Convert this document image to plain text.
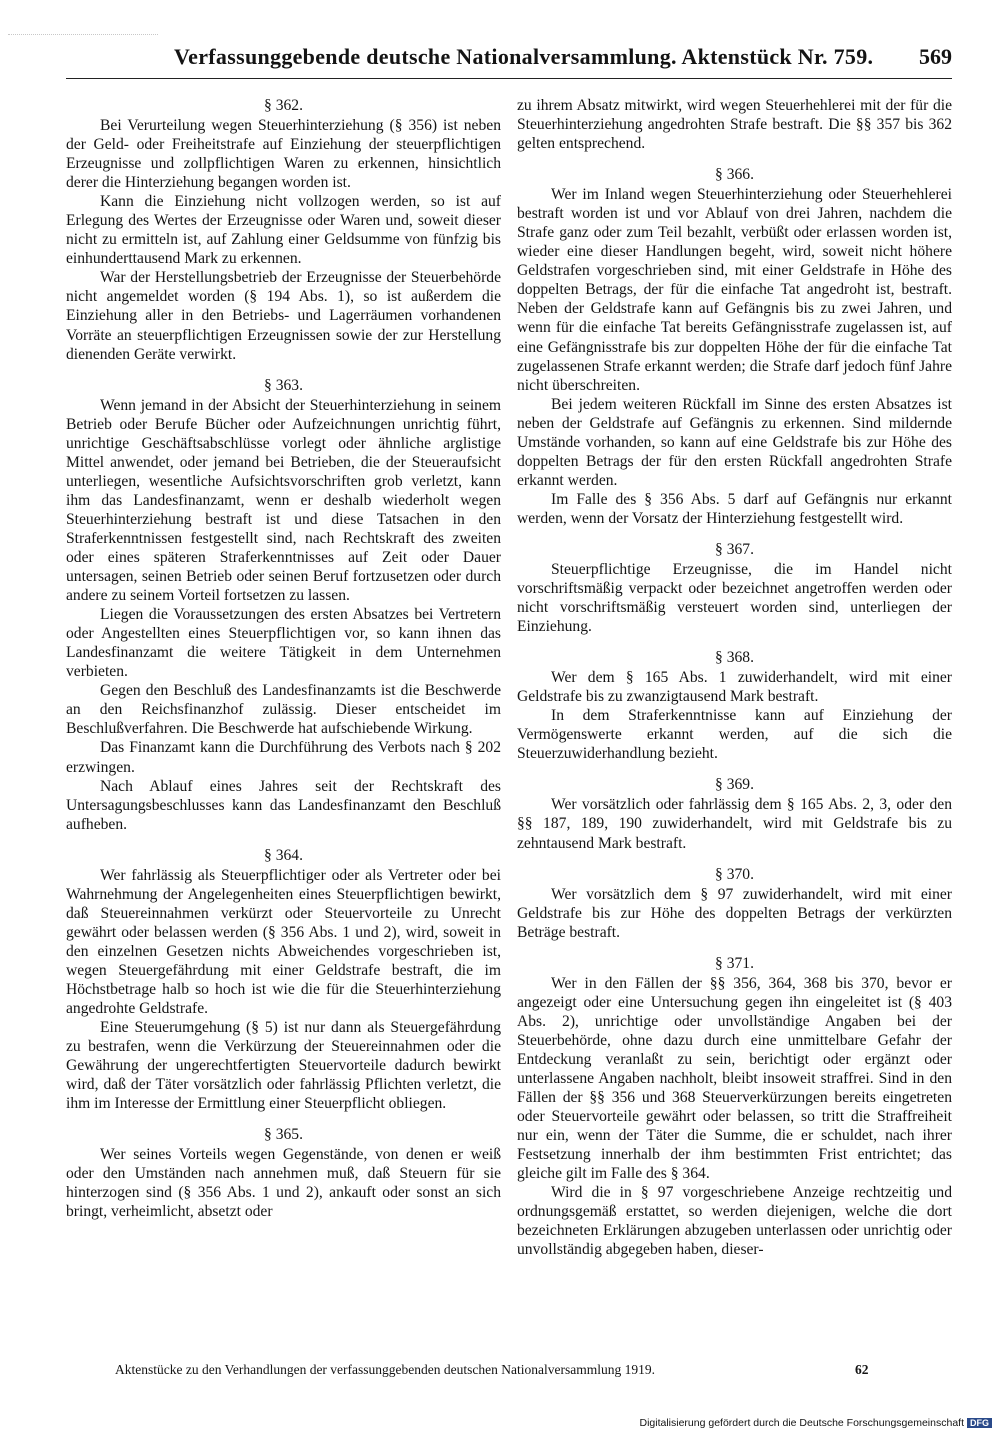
Verfassunggebende deutsche Nationalversammlung. Aktenstück Nr. 759. 569
§ 362.

Bei Verurteilung wegen Steuerhinterziehung (§ 356) ist neben der Geld- oder Freiheitstrafe auf Einziehung der steuerpflichtigen Erzeugnisse und zollpflichtigen Waren zu erkennen, hinsichtlich derer die Hinterziehung begangen worden ist.

Kann die Einziehung nicht vollzogen werden, so ist auf Erlegung des Wertes der Erzeugnisse oder Waren und, soweit dieser nicht zu ermitteln ist, auf Zahlung einer Geldsumme von fünfzig bis einhunderttausend Mark zu erkennen.

War der Herstellungsbetrieb der Erzeugnisse der Steuerbehörde nicht angemeldet worden (§ 194 Abs. 1), so ist außerdem die Einziehung aller in den Betriebs- und Lagerräumen vorhandenen Vorräte an steuerpflichtigen Erzeugnissen sowie der zur Herstellung dienenden Geräte verwirkt.

§ 363.

Wenn jemand in der Absicht der Steuerhinterziehung in seinem Betrieb oder Berufe Bücher oder Aufzeichnungen unrichtig führt, unrichtige Geschäftsabschlüsse vorlegt oder ähnliche arglistige Mittel anwendet, oder jemand bei Betrieben, die der Steueraufsicht unterliegen, wesentliche Aufsichtsvorschriften grob verletzt, kann ihm das Landesfinanzamt, wenn er deshalb wiederholt wegen Steuerhinterziehung bestraft ist und diese Tatsachen in den Straferkenntnissen festgestellt sind, nach Rechtskraft des zweiten oder eines späteren Straferkenntnisses auf Zeit oder Dauer untersagen, seinen Betrieb oder seinen Beruf fortzusetzen oder durch andere zu seinem Vorteil fortsetzen zu lassen.

Liegen die Voraussetzungen des ersten Absatzes bei Vertretern oder Angestellten eines Steuerpflichtigen vor, so kann ihnen das Landesfinanzamt die weitere Tätigkeit in dem Unternehmen verbieten.

Gegen den Beschluß des Landesfinanzamts ist die Beschwerde an den Reichsfinanzhof zulässig. Dieser entscheidet im Beschlußverfahren. Die Beschwerde hat aufschiebende Wirkung.

Das Finanzamt kann die Durchführung des Verbots nach § 202 erzwingen.

Nach Ablauf eines Jahres seit der Rechtskraft des Untersagungsbeschlusses kann das Landesfinanzamt den Beschluß aufheben.

§ 364.

Wer fahrlässig als Steuerpflichtiger oder als Vertreter oder bei Wahrnehmung der Angelegenheiten eines Steuerpflichtigen bewirkt, daß Steuereinnahmen verkürzt oder Steuervorteile zu Unrecht gewährt oder belassen werden (§ 356 Abs. 1 und 2), wird, soweit in den einzelnen Gesetzen nichts Abweichendes vorgeschrieben ist, wegen Steuergefährdung mit einer Geldstrafe bestraft, die im Höchstbetrage halb so hoch ist wie die für die Steuerhinterziehung angedrohte Geldstrafe.

Eine Steuerumgehung (§ 5) ist nur dann als Steuergefährdung zu bestrafen, wenn die Verkürzung der Steuereinnahmen oder die Gewährung der ungerechtfertigten Steuervorteile dadurch bewirkt wird, daß der Täter vorsätzlich oder fahrlässig Pflichten verletzt, die ihm im Interesse der Ermittlung einer Steuerpflicht obliegen.

§ 365.

Wer seines Vorteils wegen Gegenstände, von denen er weiß oder den Umständen nach annehmen muß, daß Steuern für sie hinterzogen sind (§ 356 Abs. 1 und 2), ankauft oder sonst an sich bringt, verheimlicht, absetzt oder

zu ihrem Absatz mitwirkt, wird wegen Steuerhehlerei mit der für die Steuerhinterziehung angedrohten Strafe bestraft. Die §§ 357 bis 362 gelten entsprechend.

§ 366.

Wer im Inland wegen Steuerhinterziehung oder Steuerhehlerei bestraft worden ist und vor Ablauf von drei Jahren, nachdem die Strafe ganz oder zum Teil bezahlt, verbüßt oder erlassen worden ist, wieder eine dieser Handlungen begeht, wird, soweit nicht höhere Geldstrafen vorgeschrieben sind, mit einer Geldstrafe in Höhe des doppelten Betrags, der für die einfache Tat angedroht ist, bestraft. Neben der Geldstrafe kann auf Gefängnis bis zu zwei Jahren, und wenn für die einfache Tat bereits Gefängnisstrafe zugelassen ist, auf eine Gefängnisstrafe bis zur doppelten Höhe der für die einfache Tat zugelassenen Strafe erkannt werden; die Strafe darf jedoch fünf Jahre nicht überschreiten.

Bei jedem weiteren Rückfall im Sinne des ersten Absatzes ist neben der Geldstrafe auf Gefängnis zu erkennen. Sind mildernde Umstände vorhanden, so kann auf eine Geldstrafe bis zur Höhe des doppelten Betrags der für den ersten Rückfall angedrohten Strafe erkannt werden.

Im Falle des § 356 Abs. 5 darf auf Gefängnis nur erkannt werden, wenn der Vorsatz der Hinterziehung festgestellt wird.

§ 367.

Steuerpflichtige Erzeugnisse, die im Handel nicht vorschriftsmäßig verpackt oder bezeichnet angetroffen werden oder nicht vorschriftsmäßig versteuert worden sind, unterliegen der Einziehung.

§ 368.

Wer dem § 165 Abs. 1 zuwiderhandelt, wird mit einer Geldstrafe bis zu zwanzigtausend Mark bestraft.

In dem Straferkenntnisse kann auf Einziehung der Vermögenswerte erkannt werden, auf die sich die Steuerzuwiderhandlung bezieht.

§ 369.

Wer vorsätzlich oder fahrlässig dem § 165 Abs. 2, 3, oder den §§ 187, 189, 190 zuwiderhandelt, wird mit Geldstrafe bis zu zehntausend Mark bestraft.

§ 370.

Wer vorsätzlich dem § 97 zuwiderhandelt, wird mit einer Geldstrafe bis zur Höhe des doppelten Betrags der verkürzten Beträge bestraft.

§ 371.

Wer in den Fällen der §§ 356, 364, 368 bis 370, bevor er angezeigt oder eine Untersuchung gegen ihn eingeleitet ist (§ 403 Abs. 2), unrichtige oder unvollständige Angaben bei der Steuerbehörde, ohne dazu durch eine unmittelbare Gefahr der Entdeckung veranlaßt zu sein, berichtigt oder ergänzt oder unterlassene Angaben nachholt, bleibt insoweit straffrei. Sind in den Fällen der §§ 356 und 368 Steuerverkürzungen bereits eingetreten oder Steuervorteile gewährt oder belassen, so tritt die Straffreiheit nur ein, wenn der Täter die Summe, die er schuldet, nach ihrer Festsetzung innerhalb der ihm bestimmten Frist entrichtet; das gleiche gilt im Falle des § 364.

Wird die in § 97 vorgeschriebene Anzeige rechtzeitig und ordnungsgemäß erstattet, so werden diejenigen, welche die dort bezeichneten Erklärungen abzugeben unterlassen oder unrichtig oder unvollständig abgegeben haben, dieser-

Aktenstücke zu den Verhandlungen der verfassunggebenden deutschen Nationalversammlung 1919.	62
Digitalisierung gefördert durch die Deutsche Forschungsgemeinschaft DFG
